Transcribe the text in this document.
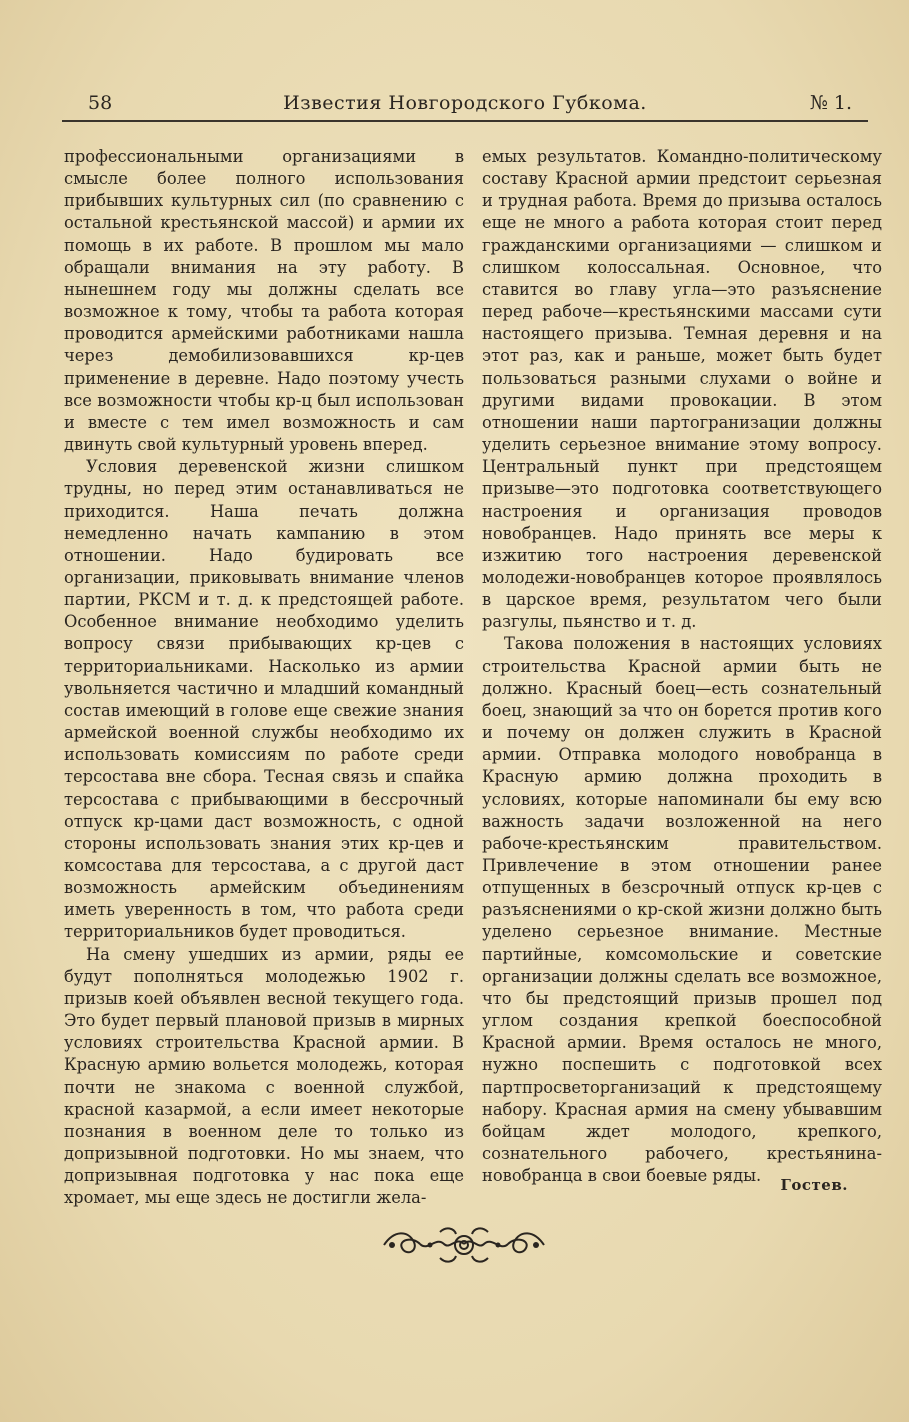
58	Известия Новгородского Губкома.	№ 1.

профессиональными организациями в смысле более полного использования прибывших культурных сил (по сравнению с остальной крестьянской массой) и армии их помощь в их работе. В прошлом мы мало обращали внимания на эту работу. В нынешнем году мы должны сделать все возможное к тому, чтобы та работа которая проводится армейскими работниками нашла через демобилизовавшихся кр-цев применение в деревне. Надо поэтому учесть все возможности чтобы кр-ц был использован и вместе с тем имел возможность и сам двинуть свой культурный уровень вперед.

Условия деревенской жизни слишком трудны, но перед этим останавливаться не приходится. Наша печать должна немедленно начать кампанию в этом отношении. Надо будировать все организации, приковывать внимание членов партии, РКСМ и т. д. к предстоящей работе. Особенное внимание необходимо уделить вопросу связи прибывающих кр-цев с территориальниками. Насколько из армии увольняется частично и младший командный состав имеющий в голове еще свежие знания армейской военной службы необходимо их использовать комиссиям по работе среди терсостава вне сбора. Тесная связь и спайка терсостава с прибывающими в бессрочный отпуск кр-цами даст возможность, с одной стороны использовать знания этих кр-цев и комсостава для терсостава, а с другой даст возможность армейским объединениям иметь уверенность в том, что работа среди территориальников будет проводиться.

На смену ушедших из армии, ряды ее будут пополняться молодежью 1902 г. призыв коей объявлен весной текущего года. Это будет первый плановой призыв в мирных условиях строительства Красной армии. В Красную армию вольется молодежь, которая почти не знакома с военной службой, красной казармой, а если имеет некоторые познания в военном деле то только из допризывной подготовки. Но мы знаем, что допризывная подготовка у нас пока еще хромает, мы еще здесь не достигли жела-

емых результатов. Командно-политическому составу Красной армии предстоит серьезная и трудная работа. Время до призыва осталось еще не много а работа которая стоит перед гражданскими организациями — слишком и слишком колоссальная. Основное, что ставится во главу угла—это разъяснение перед рабоче—крестьянскими массами сути настоящего призыва. Темная деревня и на этот раз, как и раньше, может быть будет пользоваться разными слухами о войне и другими видами провокации. В этом отношении наши партогранизации должны уделить серьезное внимание этому вопросу. Центральный пункт при предстоящем призыве—это подготовка соответствующего настроения и организация проводов новобранцев. Надо принять все меры к изжитию того настроения деревенской молодежи-новобранцев которое проявлялось в царское время, результатом чего были разгулы, пьянство и т. д.

Такова положения в настоящих условиях строительства Красной армии быть не должно. Красный боец—есть сознательный боец, знающий за что он борется против кого и почему он должен служить в Красной армии. Отправка молодого новобранца в Красную армию должна проходить в условиях, которые напоминали бы ему всю важность задачи возложенной на него рабоче-крестьянским правительством. Привлечение в этом отношении ранее отпущенных в безсрочный отпуск кр-цев с разъяснениями о кр-ской жизни должно быть уделено серьезное внимание. Местные партийные, комсомольские и советские организации должны сделать все возможное, что бы предстоящий призыв прошел под углом создания крепкой боеспособной Красной армии. Время осталось не много, нужно поспешить с подготовкой всех партпросветорганизаций к предстоящему набору. Красная армия на смену убывавшим бойцам ждет молодого, крепкого, сознательного рабочего, крестьянина-новобранца в свои боевые ряды.	Гостев.
